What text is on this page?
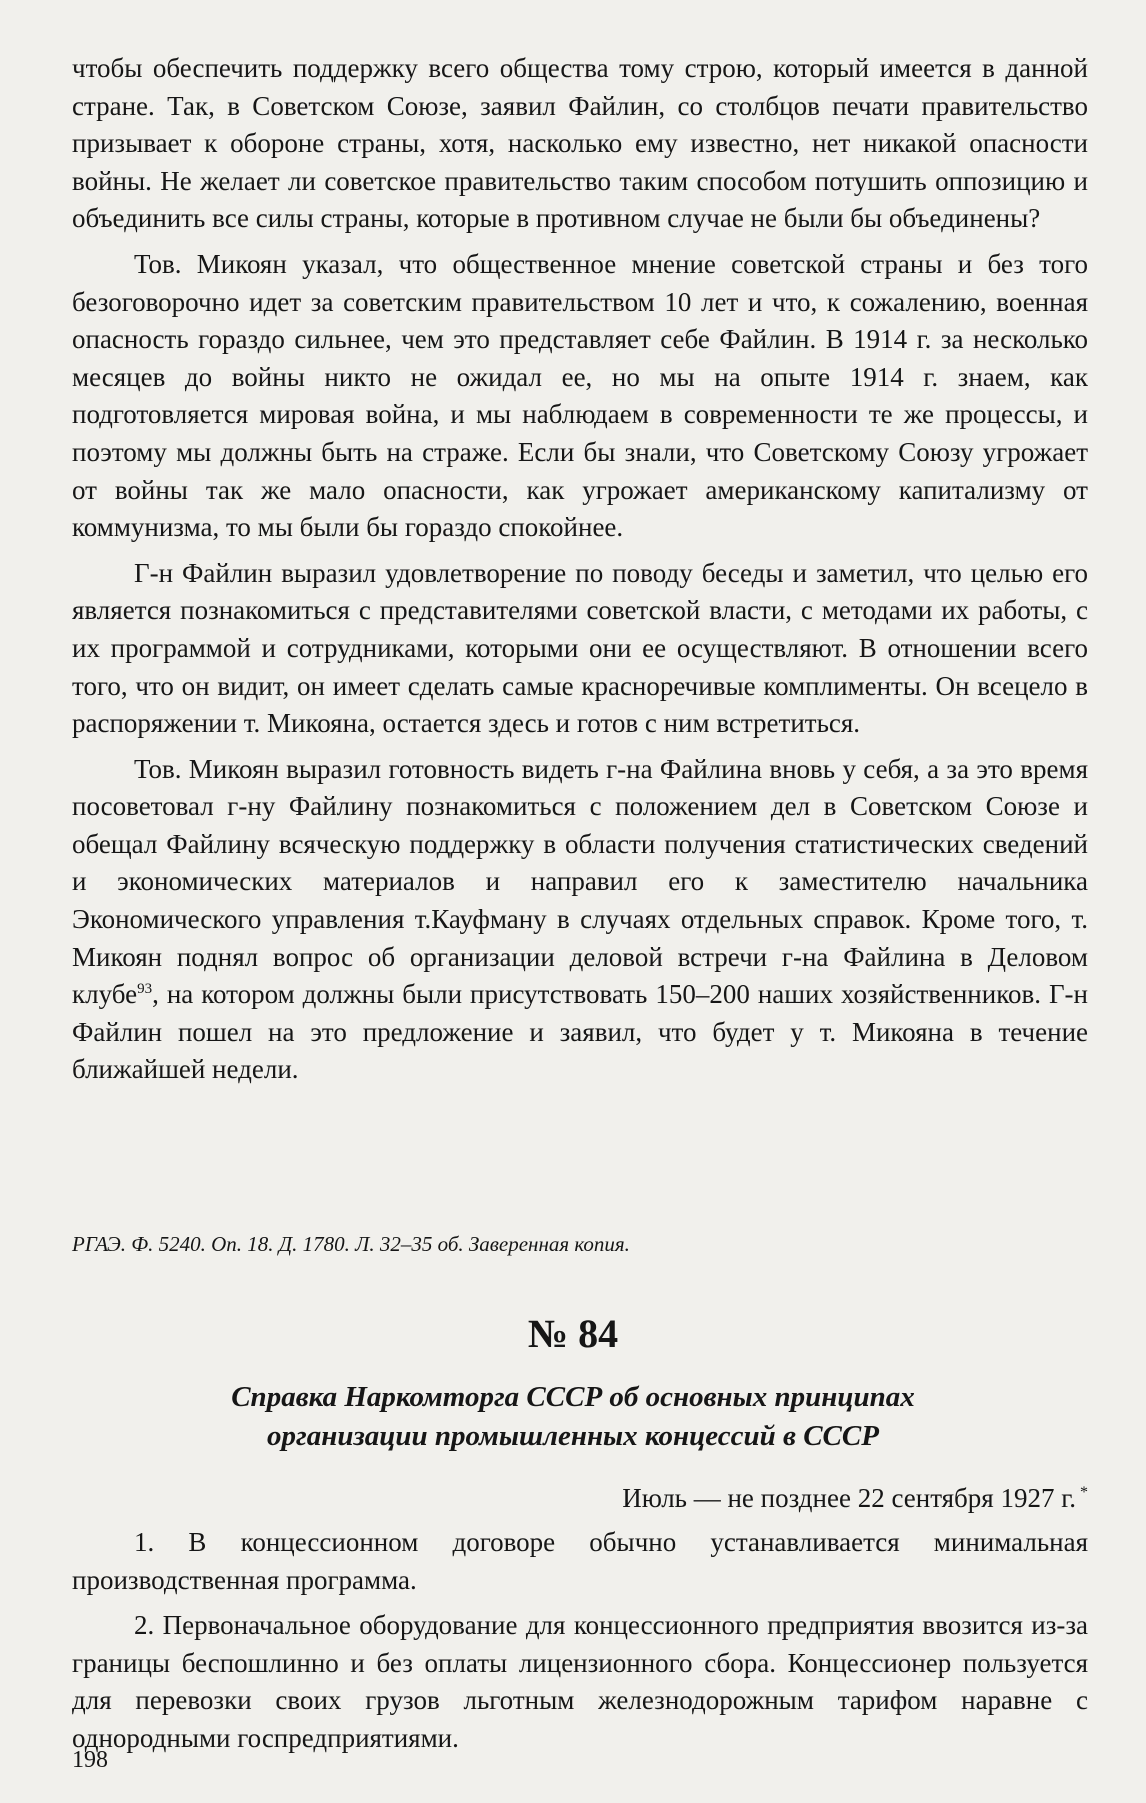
чтобы обеспечить поддержку всего общества тому строю, который имеется в данной стране. Так, в Советском Союзе, заявил Файлин, со столбцов печати правительство призывает к обороне страны, хотя, насколько ему известно, нет никакой опасности войны. Не желает ли советское правительство таким способом потушить оппозицию и объединить все силы страны, которые в противном случае не были бы объединены?

Тов. Микоян указал, что общественное мнение советской страны и без того безоговорочно идет за советским правительством 10 лет и что, к сожалению, военная опасность гораздо сильнее, чем это представляет себе Файлин. В 1914 г. за несколько месяцев до войны никто не ожидал ее, но мы на опыте 1914 г. знаем, как подготовляется мировая война, и мы наблюдаем в современности те же процессы, и поэтому мы должны быть на страже. Если бы знали, что Советскому Союзу угрожает от войны так же мало опасности, как угрожает американскому капитализму от коммунизма, то мы были бы гораздо спокойнее.

Г-н Файлин выразил удовлетворение по поводу беседы и заметил, что целью его является познакомиться с представителями советской власти, с методами их работы, с их программой и сотрудниками, которыми они ее осуществляют. В отношении всего того, что он видит, он имеет сделать самые красноречивые комплименты. Он всецело в распоряжении т. Микояна, остается здесь и готов с ним встретиться.

Тов. Микоян выразил готовность видеть г-на Файлина вновь у себя, а за это время посоветовал г-ну Файлину познакомиться с положением дел в Советском Союзе и обещал Файлину всяческую поддержку в области получения статистических сведений и экономических материалов и направил его к заместителю начальника Экономического управления т.Кауфману в случаях отдельных справок. Кроме того, т. Микоян поднял вопрос об организации деловой встречи г-на Файлина в Деловом клубе$^{93}$, на котором должны были присутствовать 150–200 наших хозяйственников. Г-н Файлин пошел на это предложение и заявил, что будет у т. Микояна в течение ближайшей недели.

РГАЭ. Ф. 5240. Оп. 18. Д. 1780. Л. 32–35 об. Заверенная копия.
№ 84
Справка Наркомторга СССР об основных принципах
организации промышленных концессий в СССР
Июль — не позднее 22 сентября 1927 г. *

1. В концессионном договоре обычно устанавливается минимальная производственная программа.

2. Первоначальное оборудование для концессионного предприятия ввозится из-за границы беспошлинно и без оплаты лицензионного сбора. Концессионер пользуется для перевозки своих грузов льготным железнодорожным тарифом наравне с однородными госпредприятиями.

198
